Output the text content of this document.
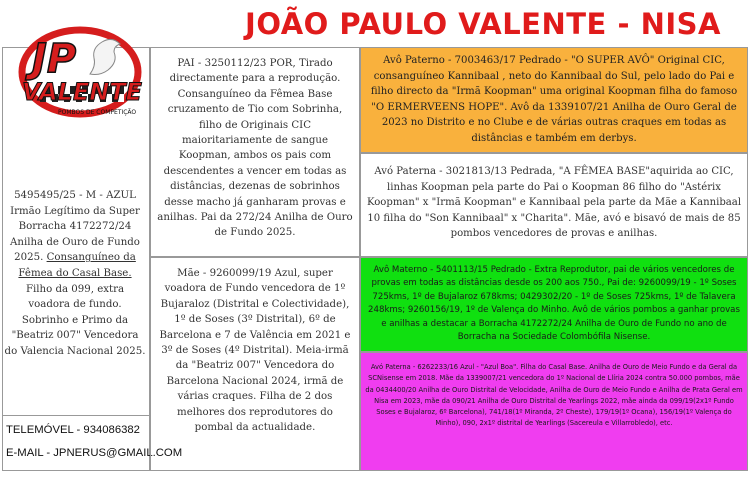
JOÃO PAULO VALENTE - NISA
JP
VALENTE
POMBOS DE COMPETIÇÃO
5495495/25 - M - AZUL Irmão Legítimo da Super Borracha 4172272/24 Anilha de Ouro de Fundo 2025. Consanguíneo da Fêmea do Casal Base. Filho da 099, extra voadora de fundo. Sobrinho e Primo da "Beatriz 007" Vencedora do Valencia Nacional 2025.
TELEMÓVEL - 934086382
E-MAIL - JPNERUS@GMAIL.COM
PAI - 3250112/23 POR, Tirado directamente para a reprodução. Consanguíneo da Fêmea Base cruzamento de Tio com Sobrinha, filho de Originais CIC maioritariamente de sangue Koopman, ambos os pais com descendentes a vencer em todas as distâncias, dezenas de sobrinhos desse macho já ganharam provas e anilhas. Pai da 272/24 Anilha de Ouro de Fundo 2025.
Mãe - 9260099/19 Azul, super voadora de Fundo vencedora de 1º Bujaraloz (Distrital e Colectividade), 1º de Soses (3º Distrital), 6º de Barcelona e 7 de Valência em 2021 e 3º de Soses (4º Distrital). Meia-irmã da "Beatriz 007" Vencedora do Barcelona Nacional 2024, irmã de várias craques. Filha de 2 dos melhores dos reprodutores do pombal da actualidade.
Avô Paterno - 7003463/17 Pedrado - "O SUPER AVÔ" Original CIC, consanguíneo Kannibaal , neto do Kannibaal do Sul, pelo lado do Pai e filho directo da "Irmã Koopman" uma original Koopman filha do famoso "O ERMERVEENS HOPE". Avô da 1339107/21 Anilha de Ouro Geral de 2023 no Distrito e no Clube e de várias outras craques em todas as distâncias e também em derbys.
Avó Paterna - 3021813/13 Pedrada, "A FÊMEA BASE"aquirida ao CIC, linhas Koopman pela parte do Pai o Koopman 86 filho do "Astérix Koopman" x "Irmã Koopman" e Kannibaal pela parte da Mãe a Kannibaal 10 filha do "Son Kannibaal" x "Charita". Mãe, avó e bisavó de mais de 85 pombos vencedores de provas e anilhas.
Avô Materno - 5401113/15 Pedrado - Extra Reprodutor, pai de vários vencedores de provas em todas as distâncias desde os 200 aos 750., Pai de: 9260099/19 - 1º Soses 725kms, 1º de Bujalaroz 678kms; 0429302/20 - 1º de Soses 725kms, 1º de Talavera 248kms; 9260156/19, 1º de Valença do Minho. Avô de vários pombos a ganhar provas e anilhas a destacar a Borracha 4172272/24 Anilha de Ouro de Fundo no ano de Borracha na Sociedade Colombófila Nisense.
Avó Paterna - 6262233/16 Azul - "Azul Boa". Filha do Casal Base. Anilha de Ouro de Meio Fundo e da Geral da SCNisense em 2018. Mãe da 1339007/21 vencedora do 1º Nacional de Llíria 2024 contra 50.000 pombos, mãe da 0434400/20 Anilha de Ouro Distrital de Velocidade, Anilha de Ouro de Meio Fundo e Anilha de Prata Geral em Nisa em 2023, mãe da 090/21 Anilha de Ouro Distrital de Yearlings 2022, mãe ainda da 099/19(2x1º Fundo Soses e Bujalaroz, 6º Barcelona), 741/18(1º Miranda, 2º Chestе), 179/19(1º Ocana), 156/19(1º Valença do Minho), 090, 2x1º distrital de Yearlings (Sacereula e Villarrobledo), etc.
